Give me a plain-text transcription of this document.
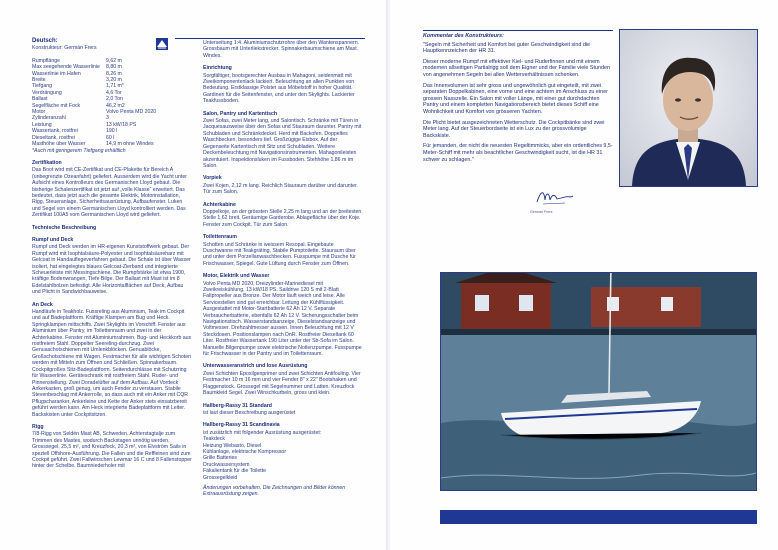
Deutsch:
Konstrukteur: Germán Frers
Rumpflänge	9,62 m
Max seegehende Wasserlinie	8,80 m
Wasserlinie im Hafen	8,26 m
Breite	3,20 m
Tiefgang	1,71 m*
Verdrängung	4,6 Tor
Ballast	2,0 Ton
Segelfläche mit Fock	46,2 m2
Motor	Volvo Penta MD 2020
Zylinderanzahl	3
Leistung	13 kW/18 PS
Wassertank, rostfrei	190 l
Dieseltank, rostfrei	60 l
Masthöhe über Wasser	14,9 m ohne Windes
*Auch mit geringerem Tiefgang erhältlich
Zertifikation

Das Boot wird mit CE-Zertifikat und CE-Plakette für Bereich A (unbegrenzte Ozeanfahrt) geliefert. Ausserdem wird die Yacht unter Aufsicht eines Kontrolleurs des Germanischen Lloyd gebaut. Die bisherige Schalenzertifikat ist jetzt auf „volle Klasse“ erweitert. Das bedeutet, dass jetzt auch die gesamte Elektrik, Motorinstallation, Rigg, Steueranlage, Sicherheitsausrüstung, Aufbaufenster, Luken und Segel von einem Germanischen Lloyd kontrolliert werden. Das Zertifikat 100A5 vom Germanischen Lloyd wird geliefert.

Technische Beschreibung
Rumpf und Deck

Rumpf und Deck werden im HR-eigenen Kunststoffwerk gebaut. Der Rumpf wird mit Isophtalsäure-Polyester und Isophtalsäureharz mit Gelcoat in Handauflegeverfahren gebaut. Die Schale ist über Wasser isoliert, hat eingelegtes blaues Gelcoat-Zierband und integrierte Scheuerleiste mit Messingschiene. Die Rumpfstärke ist etwa 1900, kräftige Bodenwrangen, Tiefe Bilge. Der Ballast mit Mast ist im 8 Edelstahlbolzen befestigt. Alle Horizontalflächen auf Deck, Aufbau und Plicht in Sandwichbauweise.

An Deck

Handläufe in Teakholz. Fussreling aus Aluminium, Teak im Cockpit und auf Badeplattform. Kräftige Klampen am Bug und Heck. Springklampen mittschiffs. Zwei Skylights im Vorschiff. Fenster aus Aluminium über Pantry, im Toilettenraum und zwei in der Achterkabine. Fenster mit Aluminiumrahmen. Bug- und Heckkorb aus rostfreiem Stahl. Doppelter Seereling-durchzug. Zwei Genuaschotschienen mit Umlenkblöcken. Genuablöcke, Großschotschiene mit Wagen. Festmacher für alle wichtigen Schoten werden mit Mitteln zum Öffnen und Schließen. Spinnakerbaum. Cockpitgroßes Sitz-Badeplattform. Seitendurchlässe mit Schutzring für Wasserlinie. Geräteschrank mit rostfreiem Stahl. Ruder- und Pinnenstellung. Zwei Doradelüfter auf dem Aufbau. Auf Vordeck Ankerkasten, groß genug, um auch Fender zu verstauen. Stabile Stevenbeschlag mit Ankerrolle, so dass auch mit ein Anker mit CQR Pflugscharanker, Ankerleine und Kette der Anker stets einsatzbereit geführt werden kann. Am Heck integrierte Badeplattform mit Leiter. Backskisten unter Cockpitsitzen.

Rigg

7/8-Rigg von Seldén Mast AB, Schweden. Achterstagtalje zum Trimmen des Mastes, wodurch Backstagen unnötig werden. Grosssegel, 25,5 m², und Kreuzfock, 20,3 m², von Elvström Sails in speziell Offshore-Ausführung. Die Fallen und die Reffleinen sind zum Cockpit geführt. Zwei Fallwinschen Lewmar 16 C und 8 Fallenstopper hinter der Schelbe. Baumniederholer mit

Unterseitung 1:4. Aluminiumschutzrohre über den Wantenspannern. Grossbaum mit Unterliekstrecker. Spinnakerbaumschiene am Mast. Windes.

Einrichtung

Sorgfältiger, bootsgerechter Ausbau in Mahagoni, seidenmatt mit Zweikomponentenlack lackiert. Beleuchtung an allen Punkten von Bedeutung. Erstklassige Polster aus Möbelstoff in hoher Qualität. Gardinen für die Seitenfenster, und unter den Skylights. Lackierter Teakfussboden.

Salon, Pantry und Kartentisch

Zwei Sofas, zwei Meter lang, und Salontisch. Schränke mit Türen in Jacquesausweise über den Sofas und Stauraum darunter. Pantry mit Schubladen und Schränkdeckel. Herd mit Backofen. Doppeltes Waschbecken, besonders tief. Großzügige Eisbox. Auf der Gegenseite Kartentisch mit Sitz und Schubladen. Weitere Deckenbeleuchtung mit Navigationsinstrumenten. Mahagonileisten akzentuiert. Inspektionsluken im Fussboden. Stehhöhe 1,86 m im Salon.

Vorpiek

Zwei Kojen, 2,12 m lang. Reichlich Stauraum darüber und darunter. Tür zum Salon.

Achterkabine

Doppelkoje, an der grössten Stelle 2,25 m lang und an der breitesten Stelle 1,62 breit. Geräumige Garderobe. Ablagefläche über der Koje. Fenster zum Cockpit. Tür zum Salon.

Toilettenraum

Schotten und Schränke in weissem Resopal. Eingebaute Duschwanne mit Teakgräting. Stabile Pumptoilette. Stauraum über und unter dem Porzellanwaschbecken. Fusspumpe mit Dusche für Frischwasser, Spiegel. Gute Lüftung durch Fenster zum Öffnen.

Motor, Elektrik und Wasser

Volvo Penta MD 2020, Dreizylinder-Marinediesel mit Zweikreiskühlung, 13 kW/18 PS. Saildrive 120 S mit 2-Blatt Faltpropeller aus Bronze. Der Motor läuft weich und leise. Alle Servicestellen sind gut erreichbar. Leitung der Kühlflüssigkeit. Ausgestattet mit Motor-Startbatterie 62 Ah 12 V. Separate Verbraucherbatterie, ebenfalls 62 Ah 12 V. Sicherungsschalter beim Navigationstisch. Wasserstandsanzeige, Dieselstandsanzeige und Voltmesser. Drehzahlmesser aussen. Innen Beleuchtung mit 12 V Steckdosen. Positionslampen nach DnR. Rostfreier Dieseltank 60 Liter. Rostfreier Wassertank 190 Liter unter der Sb-Sofa im Salon. Manuelle Bilgenpumpe sowie elektrische Notlenzpumpe. Fusspumpe für Frischwasser in der Pantry und im Toilettenraum.

Unterwasseranstrich und lose Ausrüstung

Zwei Schichten Epoxilgenprimer und zwei Schichten Antifouling. Vier Festmacher 10 m 16 mm und vier Fender 8" x 22" Bootshaken und Flaggenstock. Grossegel mit Segelnummer und Latten. Kreuzfock Baumkleid Segel. Zwei Winschkurbeln, gross und klein.

Hallberg-Rassy 31 Standard

ist laut dieser Beschreibung ausgerüstet

Hallberg-Rassy 31 Scandinavia
ist zusätzlich mit folgender Ausrüstung ausgerüstet:
Teakdeck
Heizung Webasto, Diesel
Kühlanlage, elektrische Kompressor
Grille Batteries
Druckwassersystem
Fäkalientank für die Toilette
Grossegelkleid

Änderungen vorbehalten. Die Zeichnungen und Bilder können Extraausrüstung zeigen.

Kommentar des Konstrukteurs:

"Segeln mit Sicherheit und Komfort bei guter Geschwindigkeit sind die Hauptkennzeichen der HR 31.

Dieser moderne Rumpf mit effektiver Kiel- und Ruderfinnen und mit einem modernen allseitigen Partialrigg soll dem Eigner und der Familie viele Stunden von angenehmen Segeln bei allen Wetterverhältnissen schenken.

Das Innenvolumen ist sehr gross und ungewöhnlich gut eingeteilt, mit zwei separaten Doppelkabinen, eine vorne und eine achtern im Anschluss zu einer grossen Nasszelle. Ein Salon mit voller Länge, mit einer gut durchdachten Pantry und einem kompletten Navigationsbereich bietet dieses Schiff eine Wohnlichkeit und Komfort von grösseren Yachten.

Die Plicht bietet ausgezeichneten Wetterschutz. Die Cockpitbänke sind zwei Meter lang. Auf der Steuerbordseite ist ein Lux zu der grossvolumige Backskiste.

Für jemanden, der nicht die neuesten Regeltimmicks, aber ein ordentliches 9,5-Meter-Schiff mit mehr als beachtlicher Geschwindigkeit sucht, ist die HR 31 schwer zu schlagen."

Germán Frers
